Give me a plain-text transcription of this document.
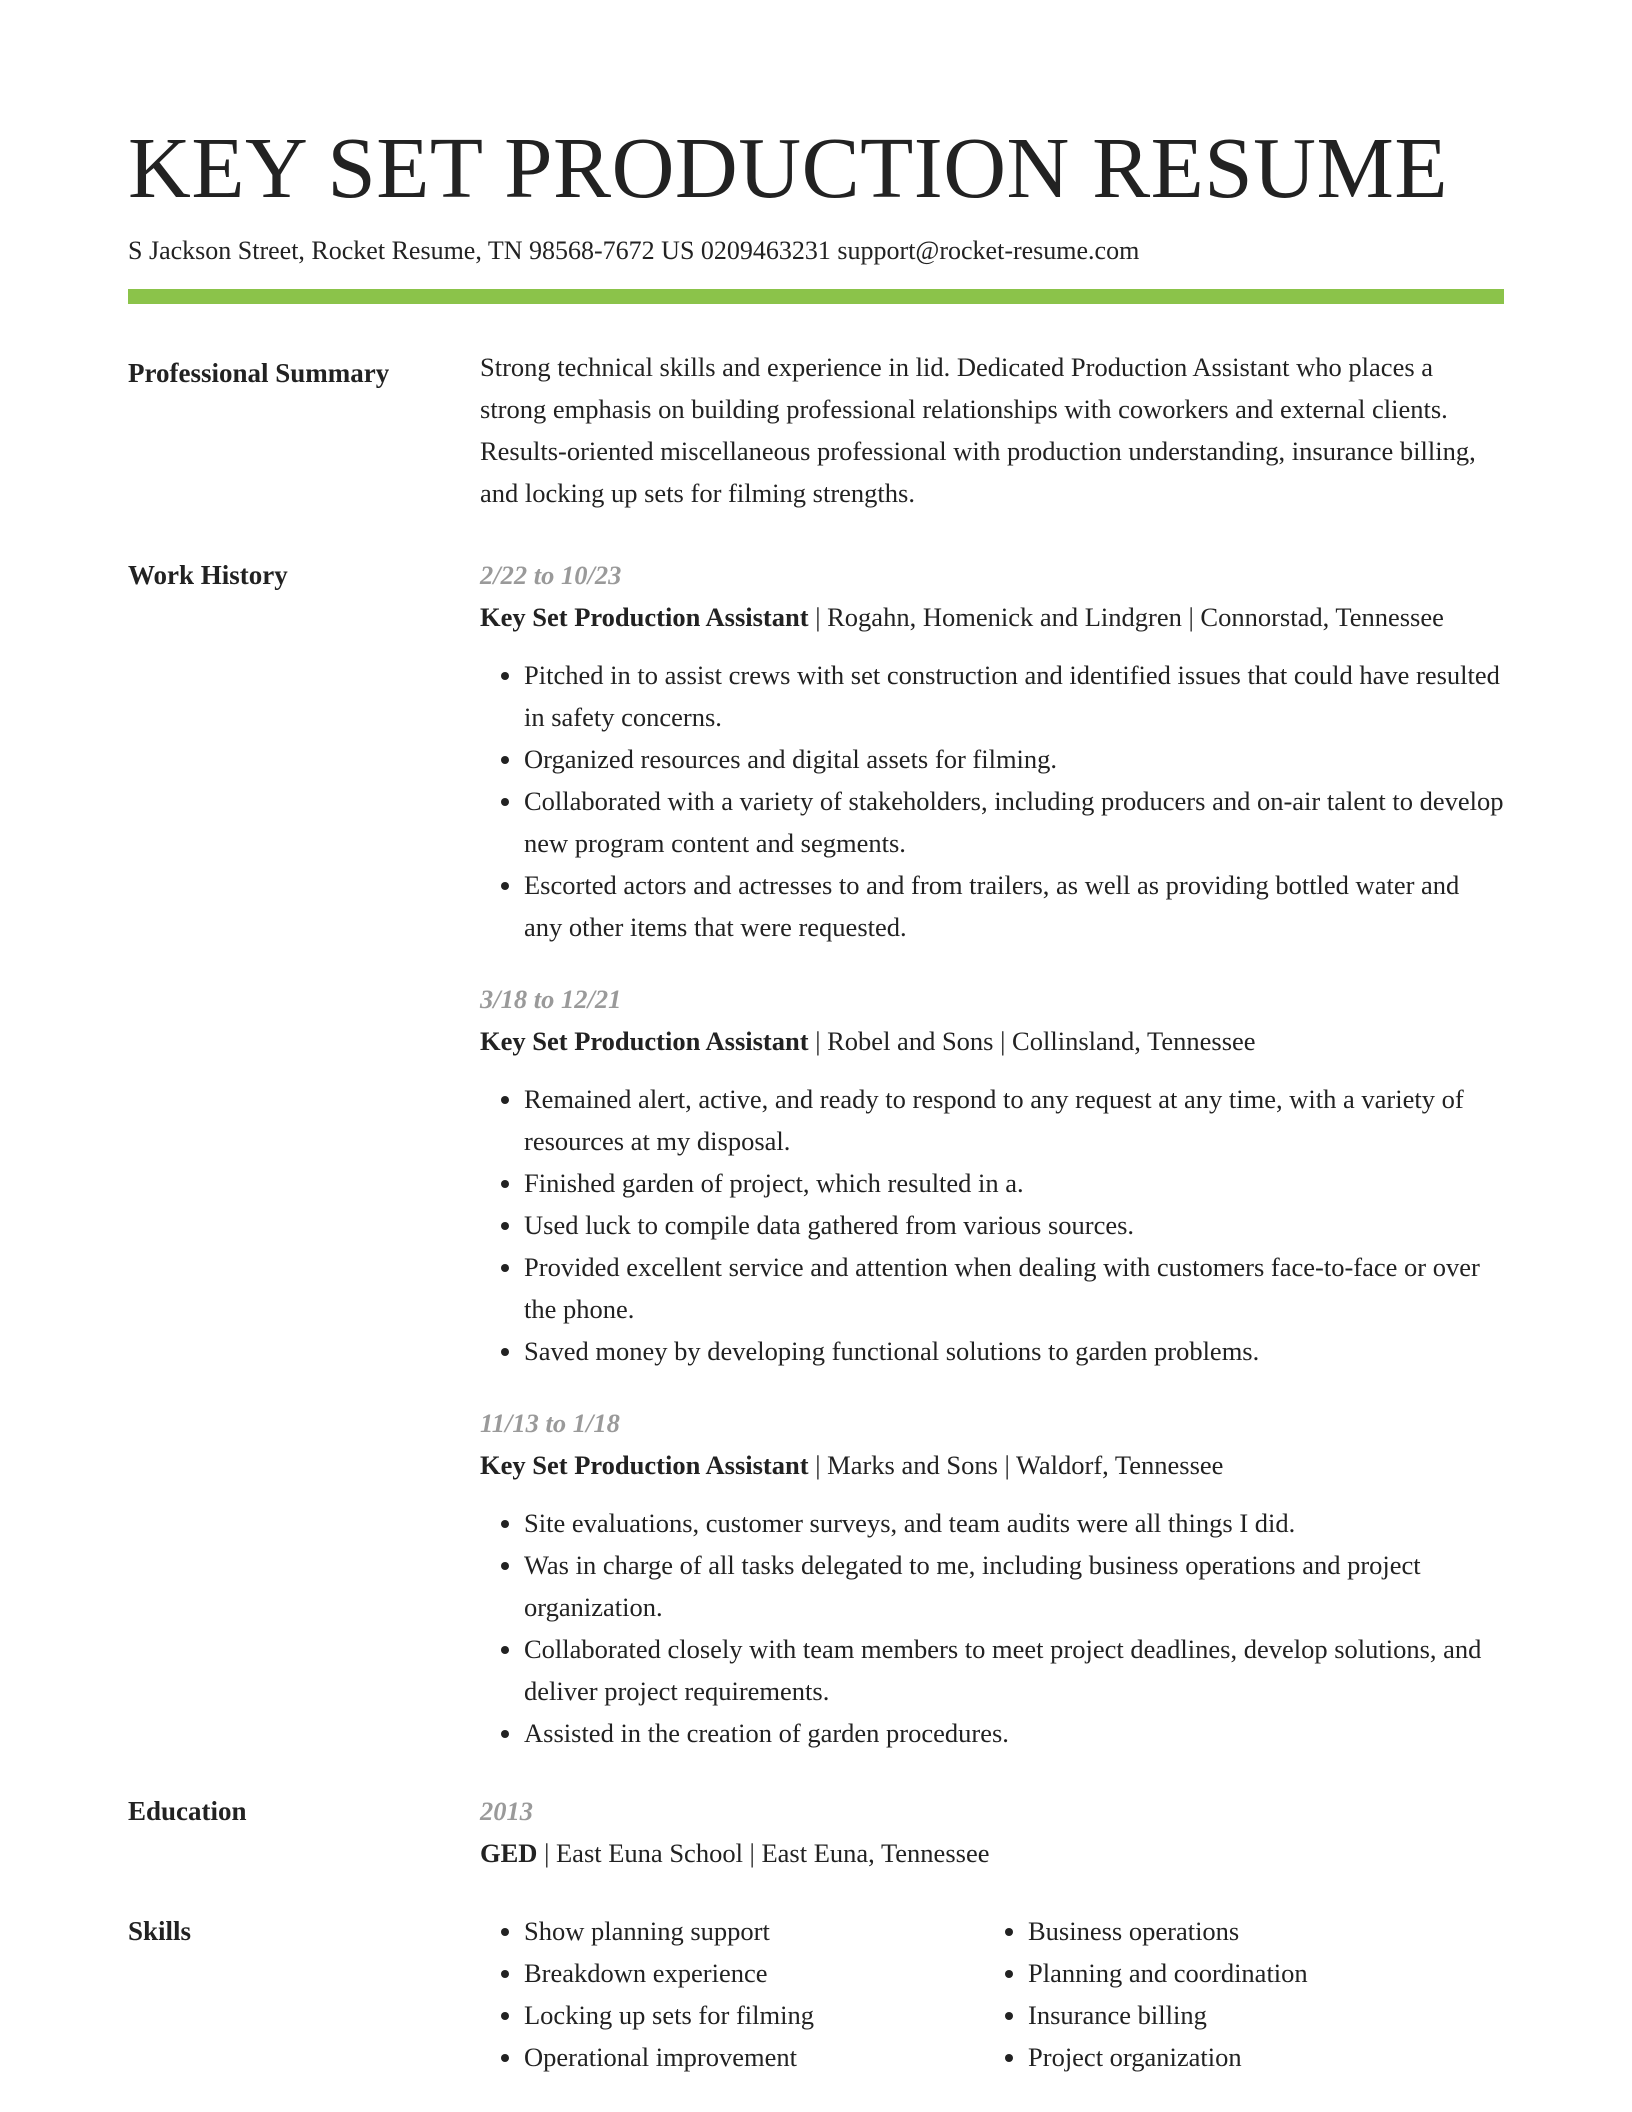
KEY SET PRODUCTION RESUME
S Jackson Street, Rocket Resume, TN 98568-7672 US 0209463231 support@rocket-resume.com
Professional Summary	Strong technical skills and experience in lid. Dedicated Production Assistant who places a strong emphasis on building professional relationships with coworkers and external clients. Results-oriented miscellaneous professional with production understanding, insurance billing, and locking up sets for filming strengths.

Work History	2/22 to 10/23
Key Set Production Assistant | Rogahn, Homenick and Lindgren | Connorstad, Tennessee
• Pitched in to assist crews with set construction and identified issues that could have resulted in safety concerns.
• Organized resources and digital assets for filming.
• Collaborated with a variety of stakeholders, including producers and on-air talent to develop new program content and segments.
• Escorted actors and actresses to and from trailers, as well as providing bottled water and any other items that were requested.
3/18 to 12/21
Key Set Production Assistant | Robel and Sons | Collinsland, Tennessee
• Remained alert, active, and ready to respond to any request at any time, with a variety of resources at my disposal.
• Finished garden of project, which resulted in a.
• Used luck to compile data gathered from various sources.
• Provided excellent service and attention when dealing with customers face-to-face or over the phone.
• Saved money by developing functional solutions to garden problems.
11/13 to 1/18
Key Set Production Assistant | Marks and Sons | Waldorf, Tennessee
• Site evaluations, customer surveys, and team audits were all things I did.
• Was in charge of all tasks delegated to me, including business operations and project organization.
• Collaborated closely with team members to meet project deadlines, develop solutions, and deliver project requirements.
• Assisted in the creation of garden procedures.
Education	2013
GED | East Euna School | East Euna, Tennessee
Skills
•	Show planning support
• Breakdown experience
• Locking up sets for filming
• Operational improvement
• Business operations
• Planning and coordination
• Insurance billing
• Project organization
